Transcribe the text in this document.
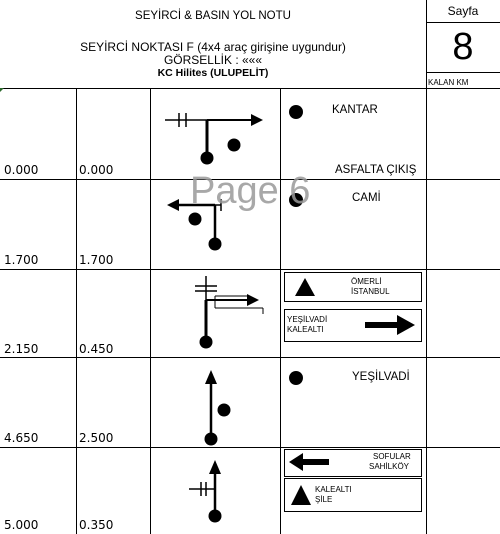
SEYİRCİ & BASIN YOL NOTU
SEYİRCİ NOKTASI F (4x4 araç girişine uygundur)
GÖRSELLİK : «««
KC Hilites (ULUPELİT)
Sayfa
8
KALAN KM
0.000	0.000
KANTAR
ASFALTA ÇIKIŞ
1.700	1.700
CAMİ
2.150	0.450
ÖMERLİ
İSTANBUL
YEŞİLVADİ
KALEALTI
4.650	2.500
YEŞİLVADİ
5.000	0.350
SOFULAR
SAHİLKÖY
KALEALTI
ŞİLE
Page 6
